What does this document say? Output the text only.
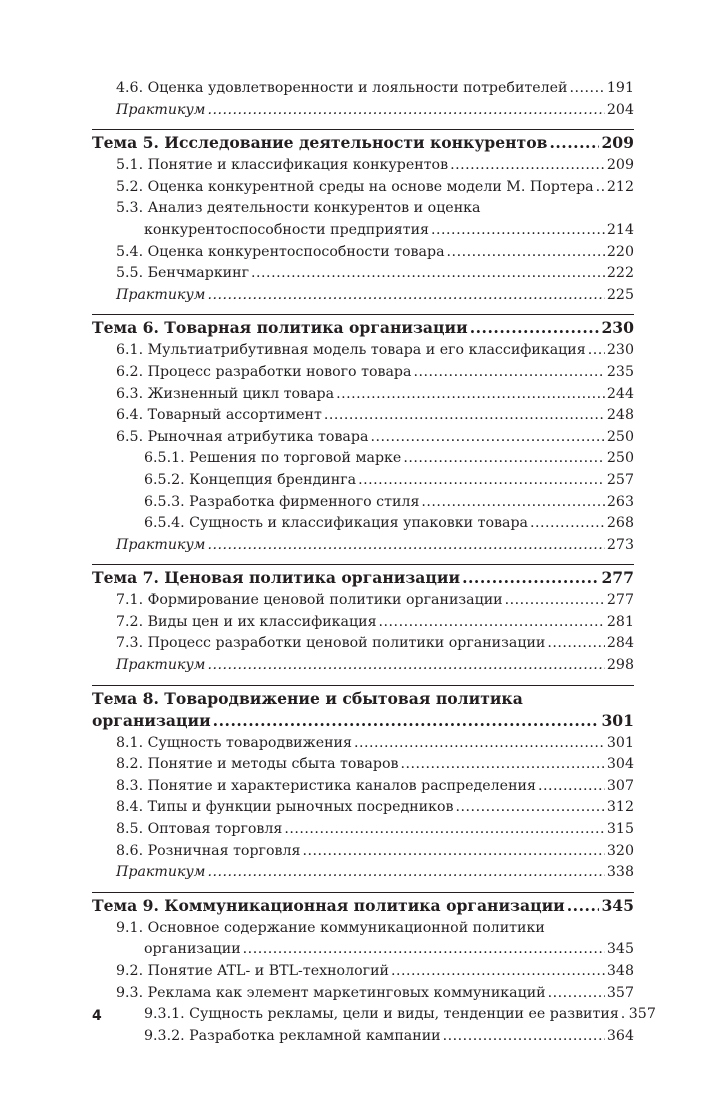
4.6. Оценка удовлетворенности и лояльности потребителей .....	191
Практикум .....	204
Тема 5. Исследование деятельности конкурентов .....	209
5.1. Понятие и классификация конкурентов .....	209
5.2. Оценка конкурентной среды на основе модели М. Портера ..... 212
5.3. Анализ деятельности конкурентов и оценка
конкурентоспособности предприятия .....	214
5.4. Оценка конкурентоспособности товара .....	220
5.5. Бенчмаркинг .....	222
Практикум .....	225
Тема 6. Товарная политика организации .....	230
6.1. Мультиатрибутивная модель товара и его классификация ..... 230
6.2. Процесс разработки нового товара .....	235
6.3. Жизненный цикл товара .....	244
6.4. Товарный ассортимент .....	248
6.5. Рыночная атрибутика товара .....	250
6.5.1. Решения по торговой марке .....	250
6.5.2. Концепция брендинга .....	257
6.5.3. Разработка фирменного стиля .....	263
6.5.4. Сущность и классификация упаковки товара .....	268
Практикум .....	273
Тема 7. Ценовая политика организации .....	277
7.1. Формирование ценовой политики организации .....	277
7.2. Виды цен и их классификация .....	281
7.3. Процесс разработки ценовой политики организации .....	284
Практикум .....	298
Тема 8. Товародвижение и сбытовая политика
организации .....	301
8.1. Сущность товародвижения .....	301
8.2. Понятие и методы сбыта товаров .....	304
8.3. Понятие и характеристика каналов распределения .....	307
8.4. Типы и функции рыночных посредников .....	312
8.5. Оптовая торговля .....	315
8.6. Розничная торговля .....	320
Практикум .....	338
Тема 9. Коммуникационная политика организации ..... 345
9.1. Основное содержание коммуникационной политики
организации .....	345
9.2. Понятие ATL- и BTL-технологий .....	348
9.3. Реклама как элемент маркетинговых коммуникаций .....	357
9.3.1. Сущность рекламы, цели и виды, тенденции ее развития ..... 357
9.3.2. Разработка рекламной кампании .....	364
4
